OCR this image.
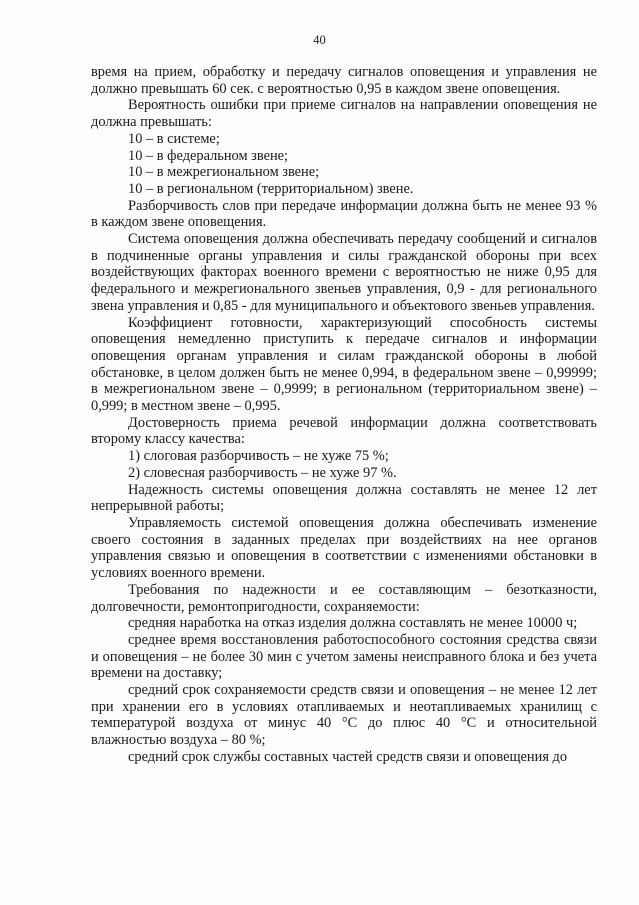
40

время на прием, обработку и передачу сигналов оповещения и управления не должно превышать 60 сек. с вероятностью 0,95 в каждом звене оповещения.

Вероятность ошибки при приеме сигналов на направлении оповещения не должна превышать:

10 – в системе;

10 – в федеральном звене;

10 – в межрегиональном звене;

10 – в региональном (территориальном) звене.

Разборчивость слов при передаче информации должна быть не менее 93 % в каждом звене оповещения.

Система оповещения должна обеспечивать передачу сообщений и сигналов в подчиненные органы управления и силы гражданской обороны при всех воздействующих факторах военного времени с вероятностью не ниже 0,95 для федерального и межрегионального звеньев управления, 0,9 - для регионального звена управления и 0,85 - для муниципального и объектового звеньев управления.

Коэффициент готовности, характеризующий способность системы оповещения немедленно приступить к передаче сигналов и информации оповещения органам управления и силам гражданской обороны в любой обстановке, в целом должен быть не менее 0,994, в федеральном звене – 0,99999; в межрегиональном звене – 0,9999; в региональном (территориальном звене) – 0,999; в местном звене – 0,995.

Достоверность приема речевой информации должна соответствовать второму классу качества:

1) слоговая разборчивость – не хуже 75 %;

2) словесная разборчивость – не хуже 97 %.

Надежность системы оповещения должна составлять не менее 12 лет непрерывной работы;

Управляемость системой оповещения должна обеспечивать изменение своего состояния в заданных пределах при воздействиях на нее органов управления связью и оповещения в соответствии с изменениями обстановки в условиях военного времени.

Требования по надежности и ее составляющим – безотказности, долговечности, ремонтопригодности, сохраняемости:

средняя наработка на отказ изделия должна составлять не менее 10000 ч;

среднее время восстановления работоспособного состояния средства связи и оповещения – не более 30 мин с учетом замены неисправного блока и без учета времени на доставку;

средний срок сохраняемости средств связи и оповещения – не менее 12 лет при хранении его в условиях отапливаемых и неотапливаемых хранилищ с температурой воздуха от минус 40 °С до плюс 40 °С и относительной влажностью воздуха – 80 %;

средний срок службы составных частей средств связи и оповещения до
